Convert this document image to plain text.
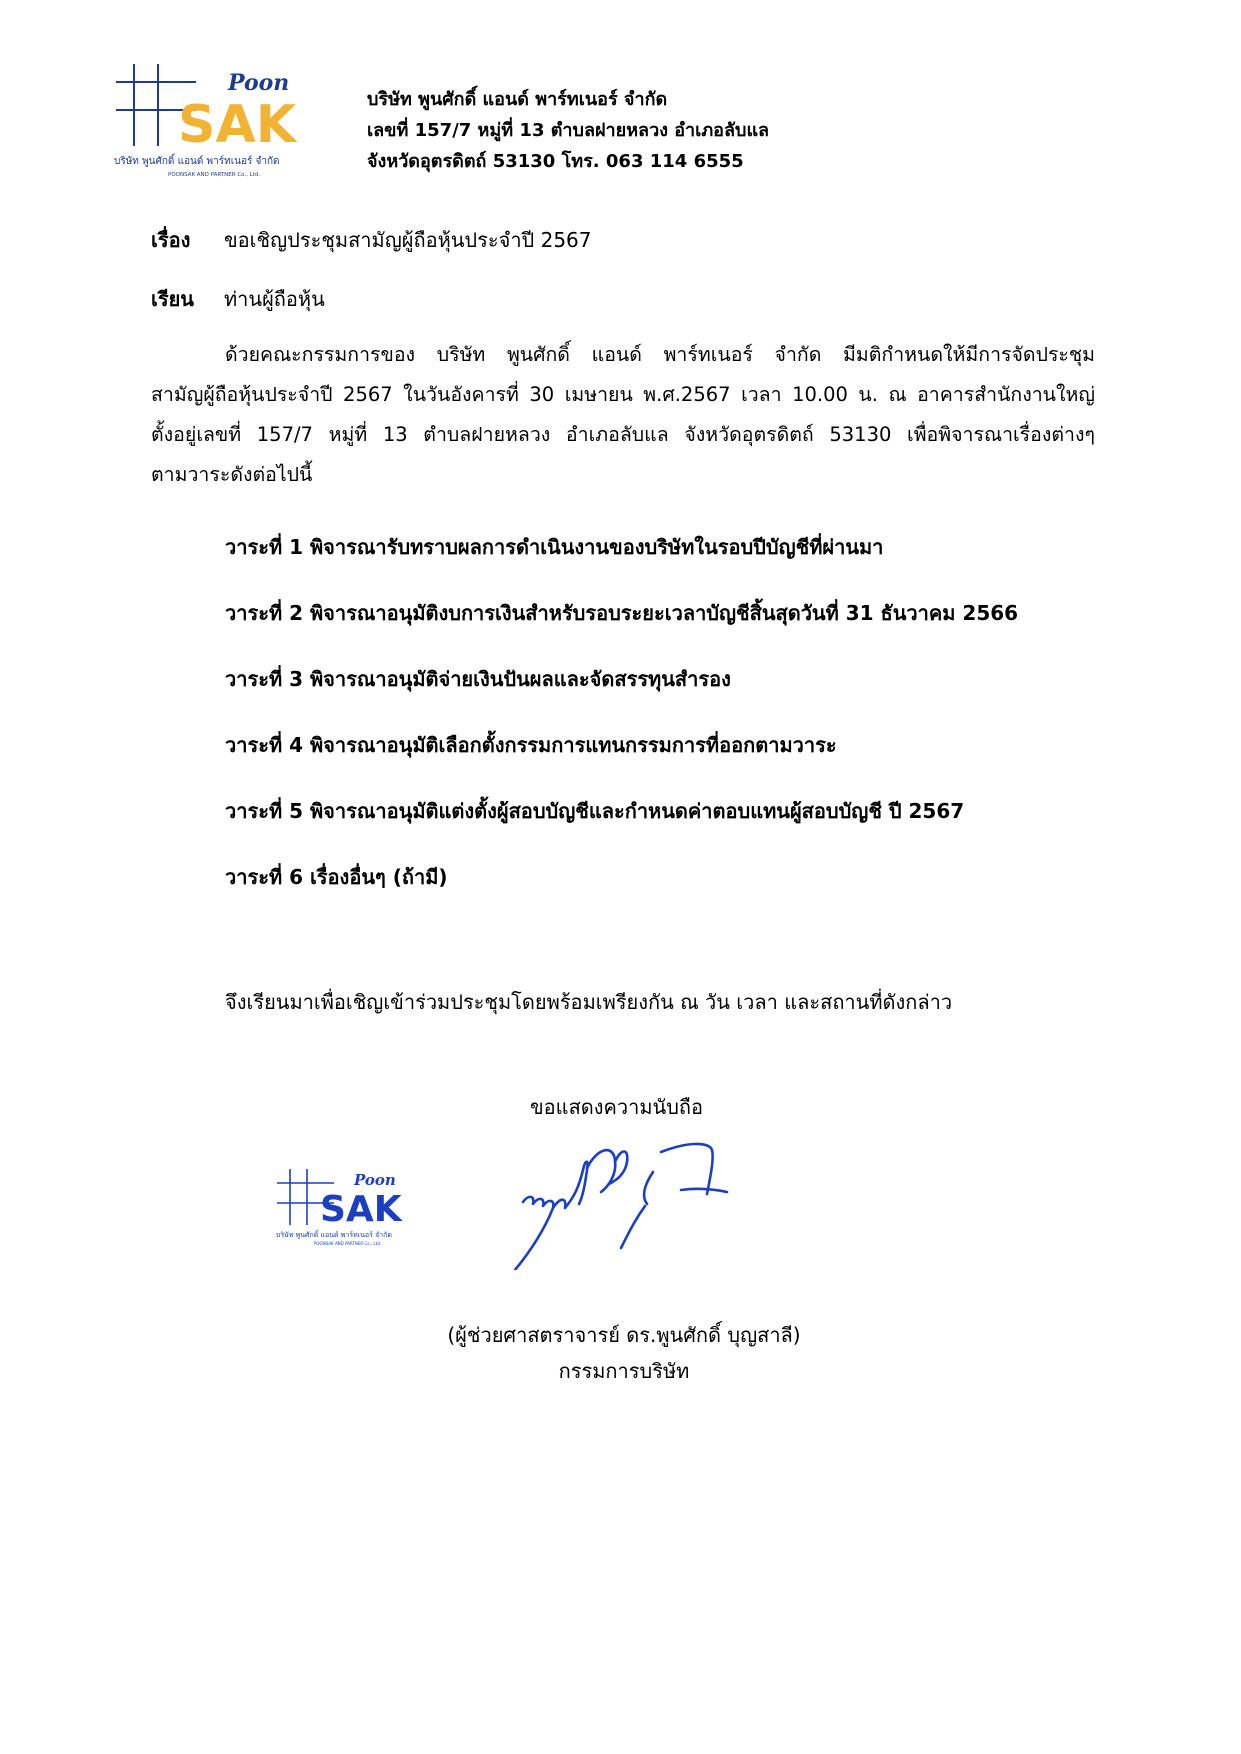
Poon
SAK
บริษัท พูนศักดิ์ แอนด์ พาร์ทเนอร์ จำกัด
POONSAK AND PARTNER Co., Ltd.
บริษัท พูนศักดิ์ แอนด์ พาร์ทเนอร์ จำกัด
เลขที่ 157/7 หมู่ที่ 13 ตำบลฝายหลวง อำเภอลับแล
จังหวัดอุตรดิตถ์ 53130 โทร. 063 114 6555
เรื่อง ขอเชิญประชุมสามัญผู้ถือหุ้นประจำปี 2567
เรียน ท่านผู้ถือหุ้น
ด้วยคณะกรรมการของ บริษัท พูนศักดิ์ แอนด์ พาร์ทเนอร์ จำกัด มีมติกำหนดให้มีการจัดประชุม
สามัญผู้ถือหุ้นประจำปี 2567 ในวันอังคารที่ 30 เมษายน พ.ศ.2567 เวลา 10.00 น. ณ อาคารสำนักงานใหญ่
ตั้งอยู่เลขที่ 157/7 หมู่ที่ 13 ตำบลฝายหลวง อำเภอลับแล จังหวัดอุตรดิตถ์ 53130 เพื่อพิจารณาเรื่องต่างๆ
ตามวาระดังต่อไปนี้
วาระที่ 1 พิจารณารับทราบผลการดำเนินงานของบริษัทในรอบปีบัญชีที่ผ่านมา
วาระที่ 2 พิจารณาอนุมัติงบการเงินสำหรับรอบระยะเวลาบัญชีสิ้นสุดวันที่ 31 ธันวาคม 2566
วาระที่ 3 พิจารณาอนุมัติจ่ายเงินปันผลและจัดสรรทุนสำรอง
วาระที่ 4 พิจารณาอนุมัติเลือกตั้งกรรมการแทนกรรมการที่ออกตามวาระ
วาระที่ 5 พิจารณาอนุมัติแต่งตั้งผู้สอบบัญชีและกำหนดค่าตอบแทนผู้สอบบัญชี ปี 2567
วาระที่ 6 เรื่องอื่นๆ (ถ้ามี)
จึงเรียนมาเพื่อเชิญเข้าร่วมประชุมโดยพร้อมเพรียงกัน ณ วัน เวลา และสถานที่ดังกล่าว
ขอแสดงความนับถือ
Poon
SAK
บริษัท พูนศักดิ์ แอนด์ พาร์ทเนอร์ จำกัด
POONSAK AND PARTNER Co., Ltd.
(ผู้ช่วยศาสตราจารย์ ดร.พูนศักดิ์ บุญสาลี)
กรรมการบริษัท
